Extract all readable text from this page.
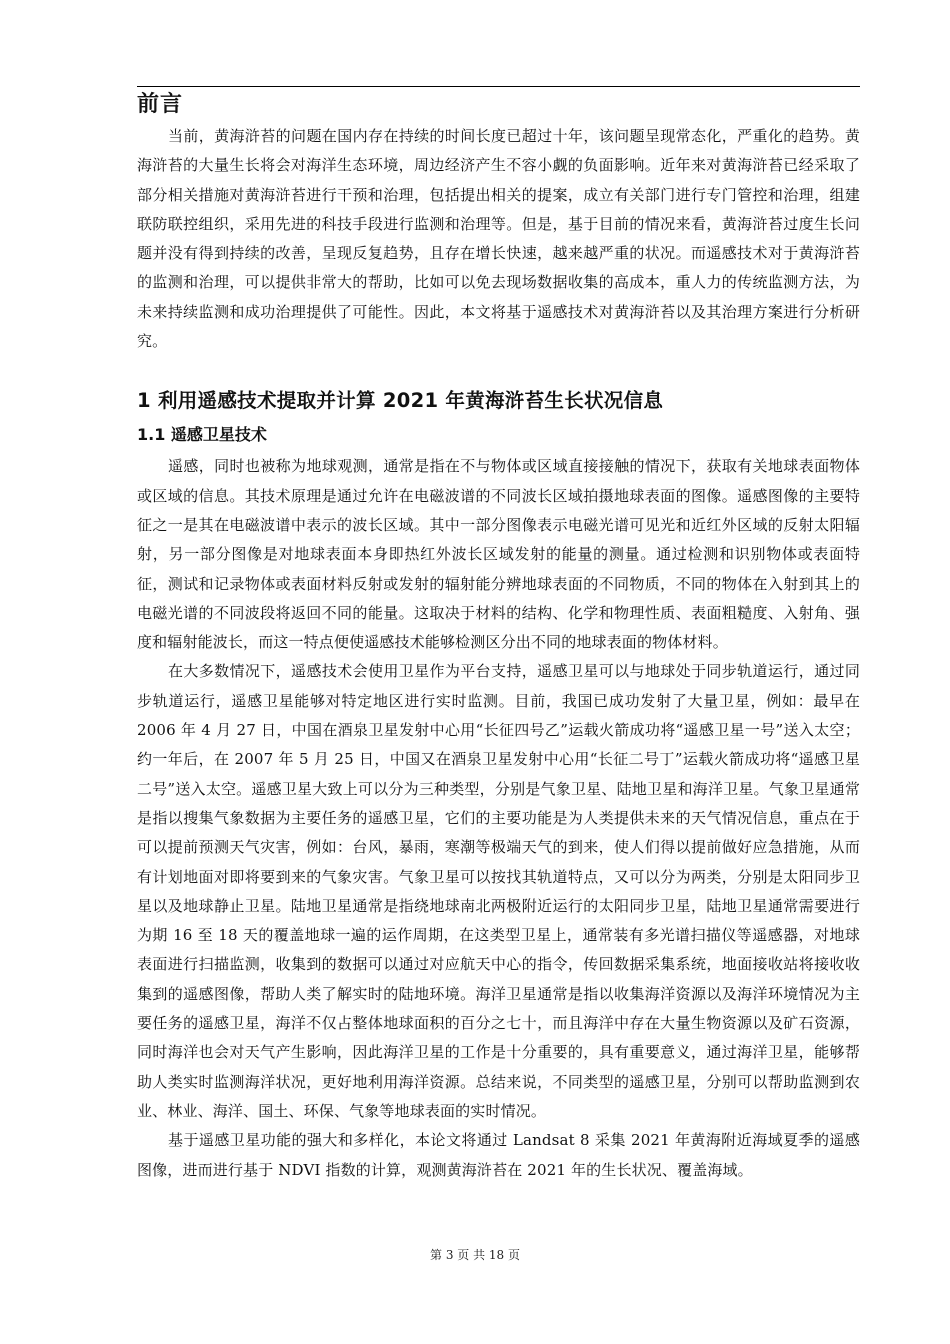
前言

当前，黄海浒苔的问题在国内存在持续的时间长度已超过十年，该问题呈现常态化，严重化的趋势。黄海浒苔的大量生长将会对海洋生态环境，周边经济产生不容小觑的负面影响。近年来对黄海浒苔已经采取了部分相关措施对黄海浒苔进行干预和治理，包括提出相关的提案，成立有关部门进行专门管控和治理，组建联防联控组织，采用先进的科技手段进行监测和治理等。但是，基于目前的情况来看，黄海浒苔过度生长问题并没有得到持续的改善，呈现反复趋势，且存在增长快速，越来越严重的状况。而遥感技术对于黄海浒苔的监测和治理，可以提供非常大的帮助，比如可以免去现场数据收集的高成本，重人力的传统监测方法，为未来持续监测和成功治理提供了可能性。因此，本文将基于遥感技术对黄海浒苔以及其治理方案进行分析研究。

1 利用遥感技术提取并计算 2021 年黄海浒苔生长状况信息
1.1 遥感卫星技术

遥感，同时也被称为地球观测，通常是指在不与物体或区域直接接触的情况下，获取有关地球表面物体或区域的信息。其技术原理是通过允许在电磁波谱的不同波长区域拍摄地球表面的图像。遥感图像的主要特征之一是其在电磁波谱中表示的波长区域。其中一部分图像表示电磁光谱可见光和近红外区域的反射太阳辐射，另一部分图像是对地球表面本身即热红外波长区域发射的能量的测量。通过检测和识别物体或表面特征，测试和记录物体或表面材料反射或发射的辐射能分辨地球表面的不同物质，不同的物体在入射到其上的电磁光谱的不同波段将返回不同的能量。这取决于材料的结构、化学和物理性质、表面粗糙度、入射角、强度和辐射能波长，而这一特点便使遥感技术能够检测区分出不同的地球表面的物体材料。

在大多数情况下，遥感技术会使用卫星作为平台支持，遥感卫星可以与地球处于同步轨道运行，通过同步轨道运行，遥感卫星能够对特定地区进行实时监测。目前，我国已成功发射了大量卫星，例如：最早在 2006 年 4 月 27 日，中国在酒泉卫星发射中心用“长征四号乙”运载火箭成功将“遥感卫星一号”送入太空；约一年后，在 2007 年 5 月 25 日，中国又在酒泉卫星发射中心用“长征二号丁”运载火箭成功将“遥感卫星二号”送入太空。遥感卫星大致上可以分为三种类型，分别是气象卫星、陆地卫星和海洋卫星。气象卫星通常是指以搜集气象数据为主要任务的遥感卫星，它们的主要功能是为人类提供未来的天气情况信息，重点在于可以提前预测天气灾害，例如：台风，暴雨，寒潮等极端天气的到来，使人们得以提前做好应急措施，从而有计划地面对即将要到来的气象灾害。气象卫星可以按找其轨道特点，又可以分为两类，分别是太阳同步卫星以及地球静止卫星。陆地卫星通常是指绕地球南北两极附近运行的太阳同步卫星，陆地卫星通常需要进行为期 16 至 18 天的覆盖地球一遍的运作周期，在这类型卫星上，通常装有多光谱扫描仪等遥感器，对地球表面进行扫描监测，收集到的数据可以通过对应航天中心的指令，传回数据采集系统，地面接收站将接收收集到的遥感图像，帮助人类了解实时的陆地环境。海洋卫星通常是指以收集海洋资源以及海洋环境情况为主要任务的遥感卫星，海洋不仅占整体地球面积的百分之七十，而且海洋中存在大量生物资源以及矿石资源，同时海洋也会对天气产生影响，因此海洋卫星的工作是十分重要的，具有重要意义，通过海洋卫星，能够帮助人类实时监测海洋状况，更好地利用海洋资源。总结来说，不同类型的遥感卫星，分别可以帮助监测到农业、林业、海洋、国土、环保、气象等地球表面的实时情况。

基于遥感卫星功能的强大和多样化，本论文将通过 Landsat 8 采集 2021 年黄海附近海域夏季的遥感图像，进而进行基于 NDVI 指数的计算，观测黄海浒苔在 2021 年的生长状况、覆盖海域。

第 3 页 共 18 页
